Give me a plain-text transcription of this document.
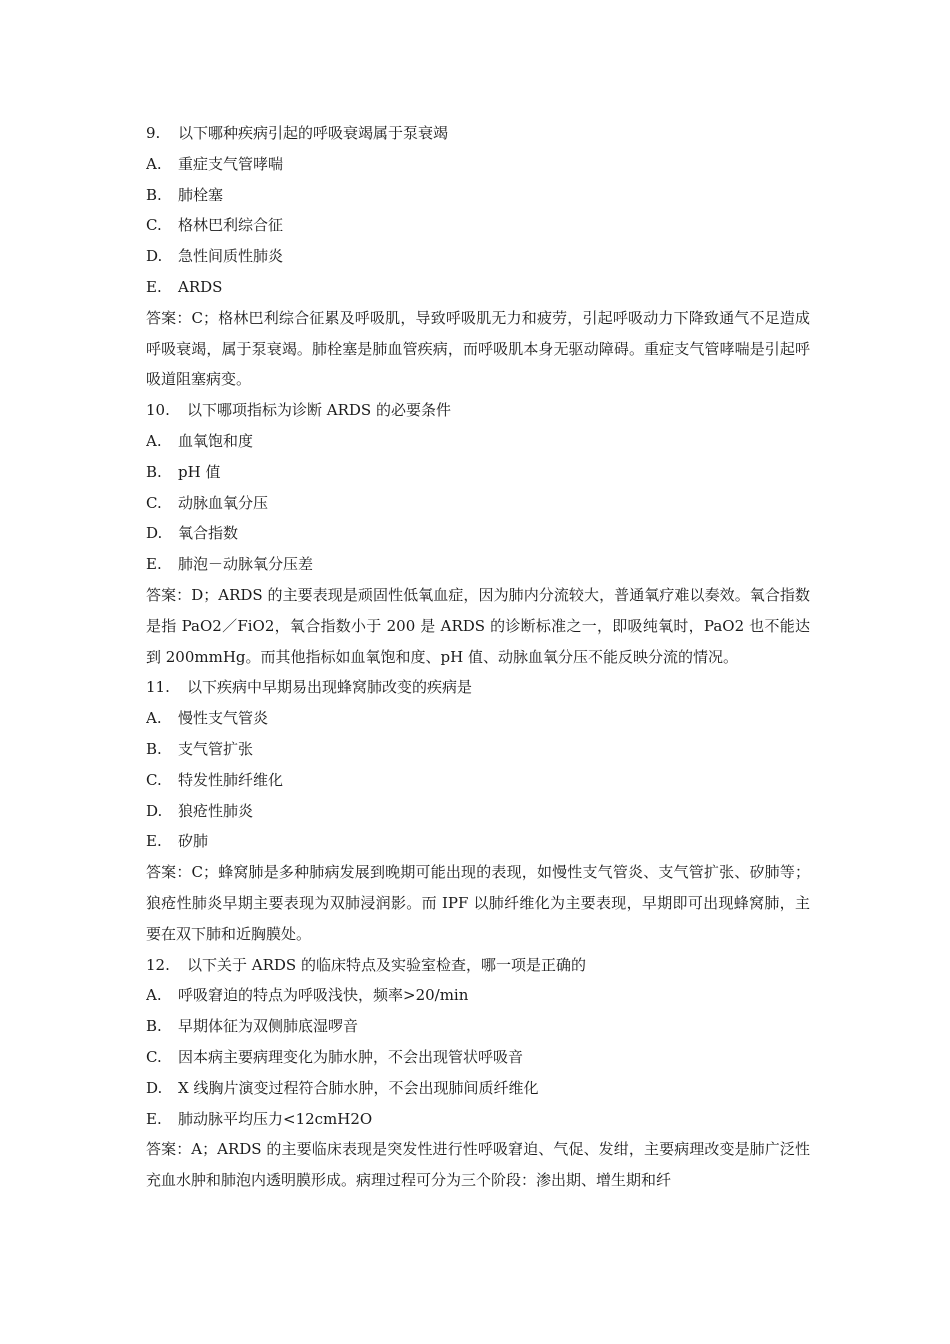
9. 以下哪种疾病引起的呼吸衰竭属于泵衰竭
A. 重症支气管哮喘
B. 肺栓塞
C. 格林巴利综合征
D. 急性间质性肺炎
E. ARDS
答案：C；格林巴利综合征累及呼吸肌，导致呼吸肌无力和疲劳，引起呼吸动力下降致通气不足造成呼吸衰竭，属于泵衰竭。肺栓塞是肺血管疾病，而呼吸肌本身无驱动障碍。重症支气管哮喘是引起呼吸道阻塞病变。
10. 以下哪项指标为诊断 ARDS 的必要条件
A. 血氧饱和度
B. pH 值
C. 动脉血氧分压
D. 氧合指数
E. 肺泡－动脉氧分压差
答案：D；ARDS 的主要表现是顽固性低氧血症，因为肺内分流较大，普通氧疗难以奏效。氧合指数是指 PaO2／FiO2，氧合指数小于 200 是 ARDS 的诊断标准之一，即吸纯氧时，PaO2 也不能达到 200mmHg。而其他指标如血氧饱和度、pH 值、动脉血氧分压不能反映分流的情况。
11. 以下疾病中早期易出现蜂窝肺改变的疾病是
A. 慢性支气管炎
B. 支气管扩张
C. 特发性肺纤维化
D. 狼疮性肺炎
E. 矽肺
答案：C；蜂窝肺是多种肺病发展到晚期可能出现的表现，如慢性支气管炎、支气管扩张、矽肺等；狼疮性肺炎早期主要表现为双肺浸润影。而 IPF 以肺纤维化为主要表现，早期即可出现蜂窝肺，主要在双下肺和近胸膜处。
12. 以下关于 ARDS 的临床特点及实验室检查，哪一项是正确的
A. 呼吸窘迫的特点为呼吸浅快，频率>20/min
B. 早期体征为双侧肺底湿啰音
C. 因本病主要病理变化为肺水肿，不会出现管状呼吸音
D. X 线胸片演变过程符合肺水肿，不会出现肺间质纤维化
E. 肺动脉平均压力<12cmH2O
答案：A；ARDS 的主要临床表现是突发性进行性呼吸窘迫、气促、发绀，主要病理改变是肺广泛性充血水肿和肺泡内透明膜形成。病理过程可分为三个阶段：渗出期、增生期和纤
